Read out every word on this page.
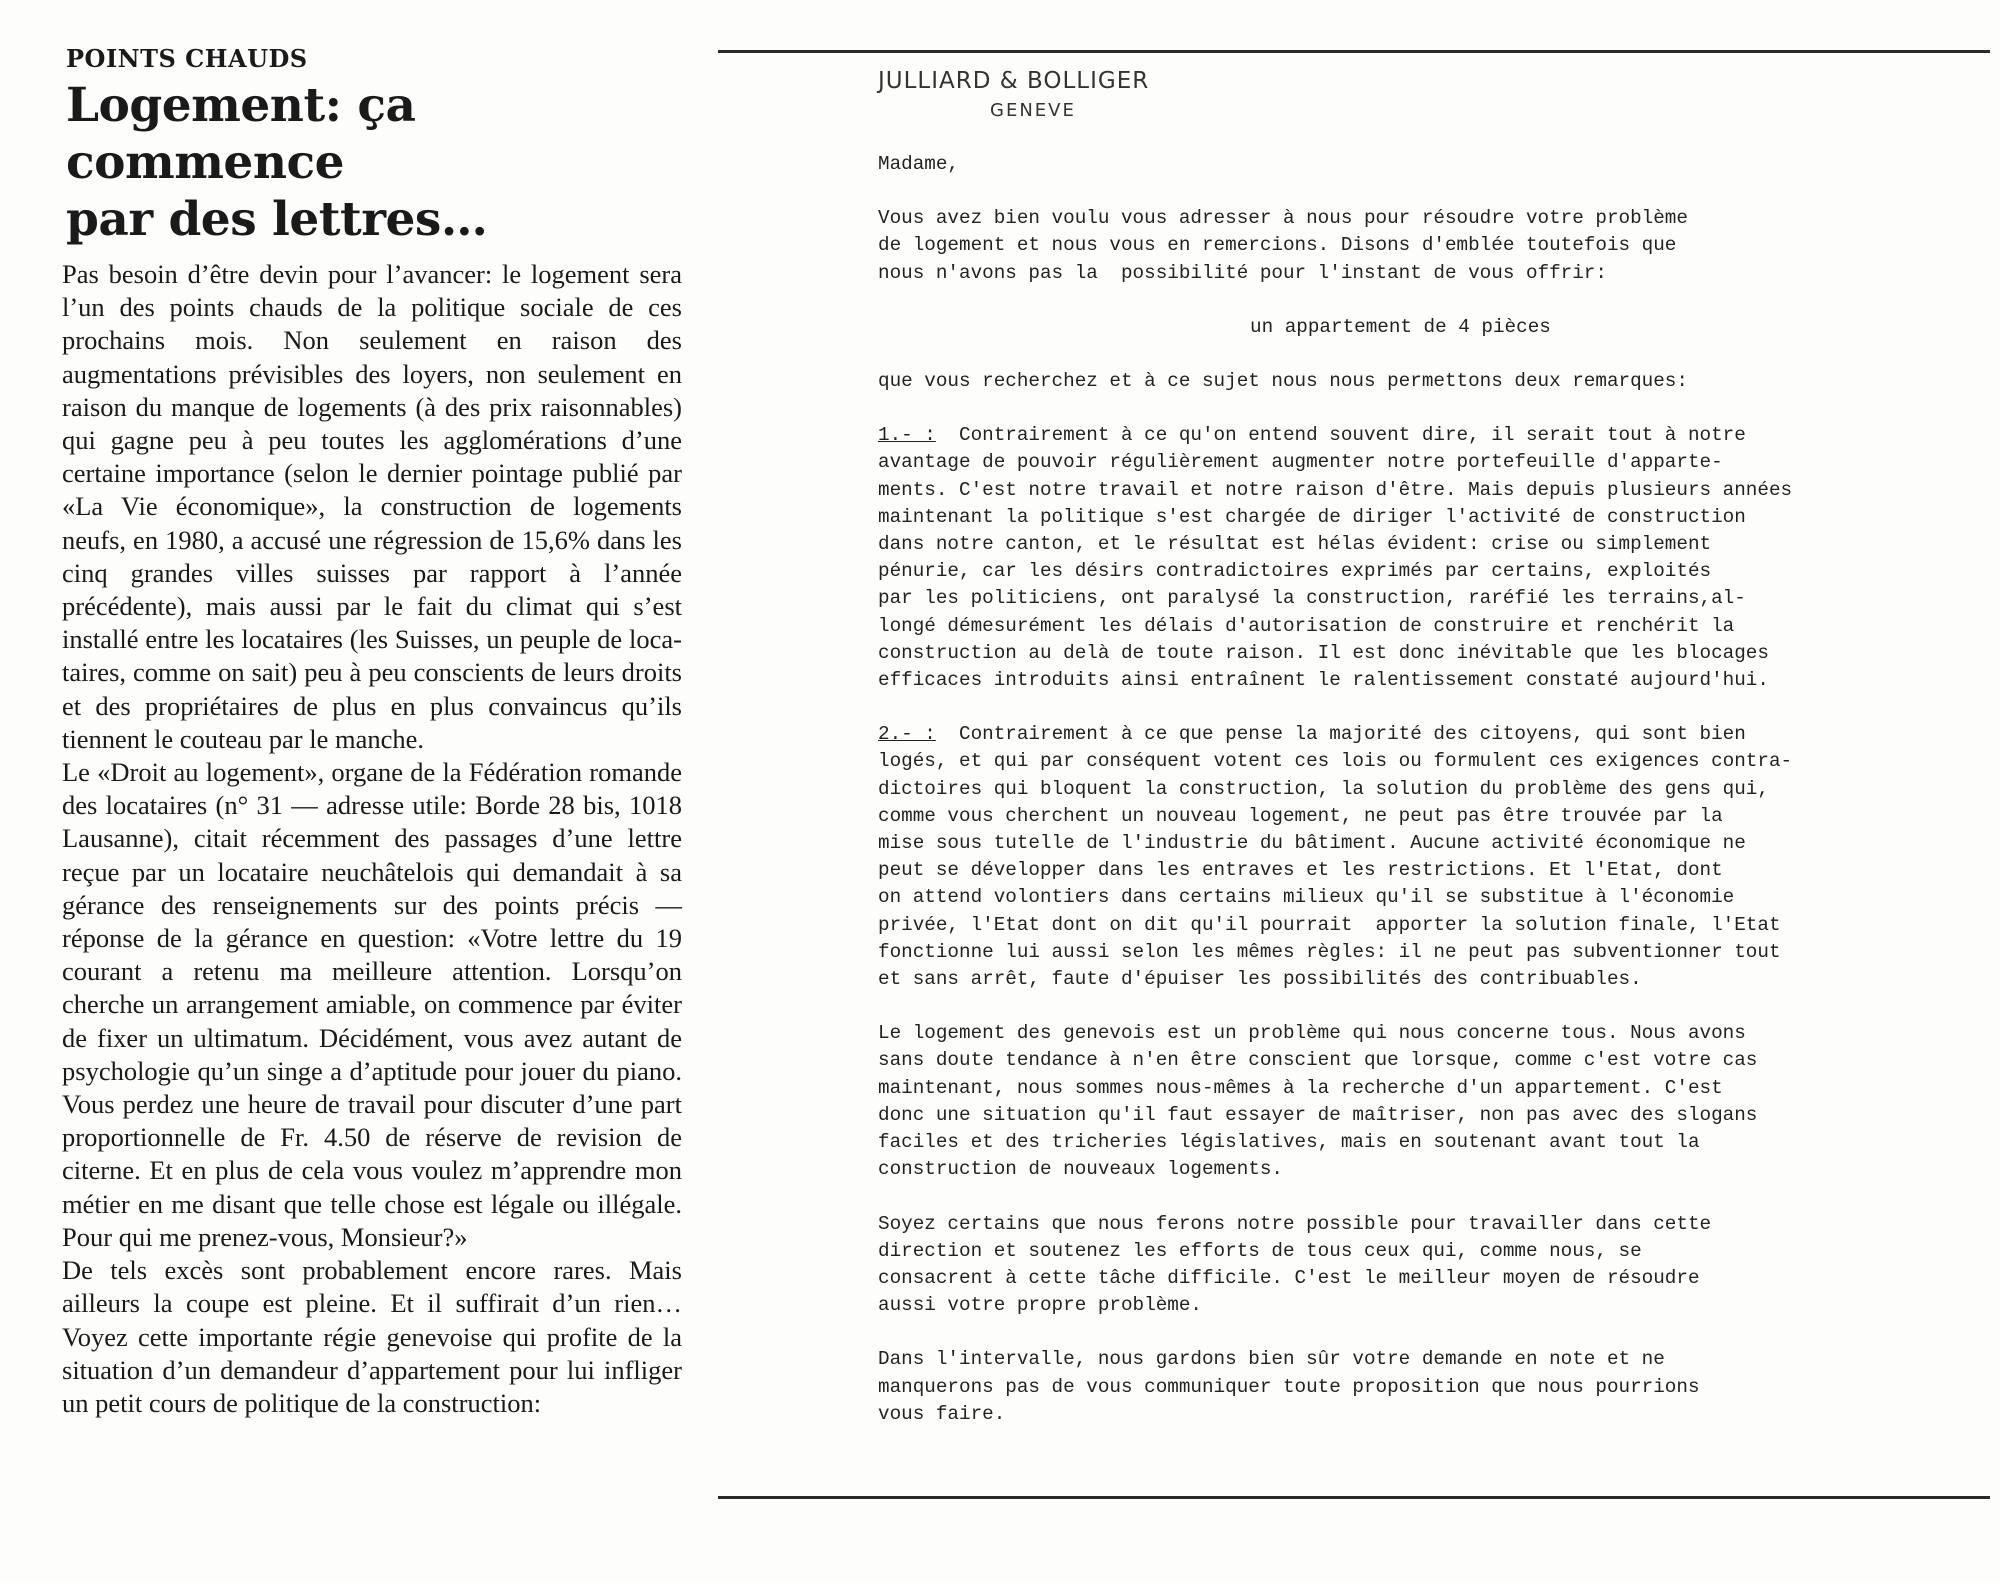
POINTS CHAUDS
Logement: ça commence
par des lettres…

Pas besoin d’être devin pour l’avancer: le logement sera l’un des points chauds de la politique sociale de ces prochains mois. Non seulement en raison des augmentations prévisibles des loyers, non seulement en raison du manque de logements (à des prix raisonnables) qui gagne peu à peu toutes les agglomérations d’une certaine importance (selon le dernier pointage publié par «La Vie économique», la construction de logements neufs, en 1980, a accusé une régression de 15,6% dans les cinq grandes villes suisses par rapport à l’année précédente), mais aussi par le fait du climat qui s’est installé entre les locataires (les Suisses, un peuple de locataires, comme on sait) peu à peu conscients de leurs droits et des propriétaires de plus en plus convaincus qu’ils tiennent le couteau par le manche.

Le «Droit au logement», organe de la Fédération romande des locataires (n° 31 — adresse utile: Borde 28 bis, 1018 Lausanne), citait récemment des passages d’une lettre reçue par un locataire neuchâtelois qui demandait à sa gérance des renseignements sur des points précis — réponse de la gérance en question: «Votre lettre du 19 courant a retenu ma meilleure attention. Lorsqu’on cherche un arrangement amiable, on commence par éviter de fixer un ultimatum. Décidément, vous avez autant de psychologie qu’un singe a d’aptitude pour jouer du piano. Vous perdez une heure de travail pour discuter d’une part proportionnelle de Fr. 4.50 de réserve de revision de citerne. Et en plus de cela vous voulez m’apprendre mon métier en me disant que telle chose est légale ou illégale. Pour qui me prenez-vous, Monsieur?»

De tels excès sont probablement encore rares. Mais ailleurs la coupe est pleine. Et il suffirait d’un rien… Voyez cette importante régie genevoise qui profite de la situation d’un demandeur d’appartement pour lui infliger un petit cours de politique de la construction:

JULLIARD & BOLLIGER
GENEVE
Madame,
Vous avez bien voulu vous adresser à nous pour résoudre votre problème
de logement et nous vous en remercions. Disons d'emblée toutefois que
nous n'avons pas la  possibilité pour l'instant de vous offrir:
un appartement de 4 pièces
que vous recherchez et à ce sujet nous nous permettons deux remarques:
1.- :  Contrairement à ce qu'on entend souvent dire, il serait tout à notre
avantage de pouvoir régulièrement augmenter notre portefeuille d'apparte-
ments. C'est notre travail et notre raison d'être. Mais depuis plusieurs années
maintenant la politique s'est chargée de diriger l'activité de construction
dans notre canton, et le résultat est hélas évident: crise ou simplement
pénurie, car les désirs contradictoires exprimés par certains, exploités
par les politiciens, ont paralysé la construction, raréfié les terrains,al-
longé démesurément les délais d'autorisation de construire et renchérit la
construction au delà de toute raison. Il est donc inévitable que les blocages
efficaces introduits ainsi entraînent le ralentissement constaté aujourd'hui.
2.- :  Contrairement à ce que pense la majorité des citoyens, qui sont bien
logés, et qui par conséquent votent ces lois ou formulent ces exigences contra-
dictoires qui bloquent la construction, la solution du problème des gens qui,
comme vous cherchent un nouveau logement, ne peut pas être trouvée par la
mise sous tutelle de l'industrie du bâtiment. Aucune activité économique ne
peut se développer dans les entraves et les restrictions. Et l'Etat, dont
on attend volontiers dans certains milieux qu'il se substitue à l'économie
privée, l'Etat dont on dit qu'il pourrait  apporter la solution finale, l'Etat
fonctionne lui aussi selon les mêmes règles: il ne peut pas subventionner tout
et sans arrêt, faute d'épuiser les possibilités des contribuables.
Le logement des genevois est un problème qui nous concerne tous. Nous avons
sans doute tendance à n'en être conscient que lorsque, comme c'est votre cas
maintenant, nous sommes nous-mêmes à la recherche d'un appartement. C'est
donc une situation qu'il faut essayer de maîtriser, non pas avec des slogans
faciles et des tricheries législatives, mais en soutenant avant tout la
construction de nouveaux logements.
Soyez certains que nous ferons notre possible pour travailler dans cette
direction et soutenez les efforts de tous ceux qui, comme nous, se
consacrent à cette tâche difficile. C'est le meilleur moyen de résoudre
aussi votre propre problème.
Dans l'intervalle, nous gardons bien sûr votre demande en note et ne
manquerons pas de vous communiquer toute proposition que nous pourrions
vous faire.
